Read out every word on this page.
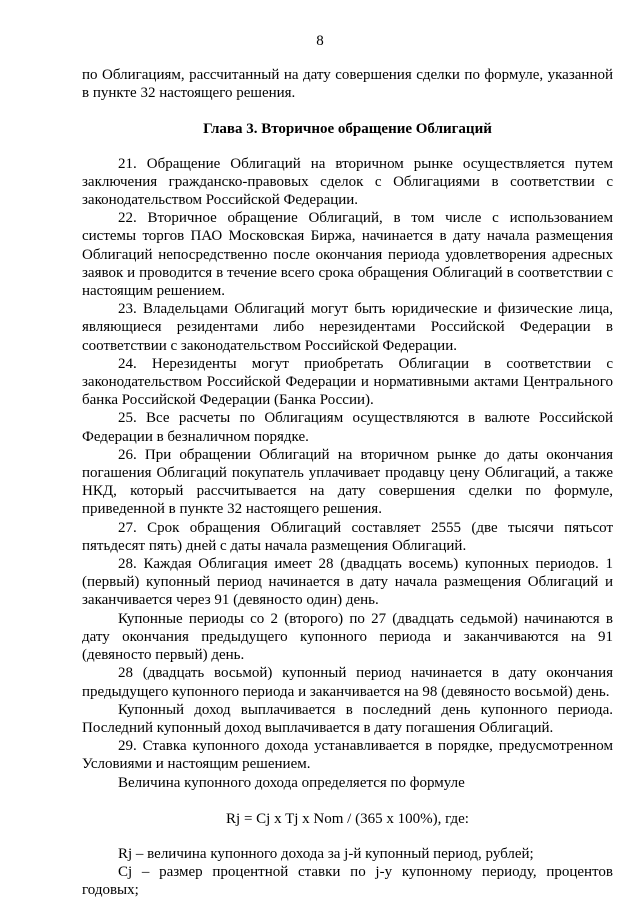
8

по Облигациям, рассчитанный на дату совершения сделки по формуле, указанной в пункте 32 настоящего решения.

Глава 3. Вторичное обращение Облигаций

21. Обращение Облигаций на вторичном рынке осуществляется путем заключения гражданско-правовых сделок с Облигациями в соответствии с законодательством Российской Федерации.

22. Вторичное обращение Облигаций, в том числе с использованием системы торгов ПАО Московская Биржа, начинается в дату начала размещения Облигаций непосредственно после окончания периода удовлетворения адресных заявок и проводится в течение всего срока обращения Облигаций в соответствии с настоящим решением.

23. Владельцами Облигаций могут быть юридические и физические лица, являющиеся резидентами либо нерезидентами Российской Федерации в соответствии с законодательством Российской Федерации.

24. Нерезиденты могут приобретать Облигации в соответствии с законодательством Российской Федерации и нормативными актами Центрального банка Российской Федерации (Банка России).

25. Все расчеты по Облигациям осуществляются в валюте Российской Федерации в безналичном порядке.

26. При обращении Облигаций на вторичном рынке до даты окончания погашения Облигаций покупатель уплачивает продавцу цену Облигаций, а также НКД, который рассчитывается на дату совершения сделки по формуле, приведенной в пункте 32 настоящего решения.

27. Срок обращения Облигаций составляет 2555 (две тысячи пятьсот пятьдесят пять) дней с даты начала размещения Облигаций.

28. Каждая Облигация имеет 28 (двадцать восемь) купонных периодов. 1 (первый) купонный период начинается в дату начала размещения Облигаций и заканчивается через 91 (девяносто один) день.

Купонные периоды со 2 (второго) по 27 (двадцать седьмой) начинаются в дату окончания предыдущего купонного периода и заканчиваются на 91 (девяносто первый) день.

28 (двадцать восьмой) купонный период начинается в дату окончания предыдущего купонного периода и заканчивается на 98 (девяносто восьмой) день.

Купонный доход выплачивается в последний день купонного периода. Последний купонный доход выплачивается в дату погашения Облигаций.

29. Ставка купонного дохода устанавливается в порядке, предусмотренном Условиями и настоящим решением.

Величина купонного дохода определяется по формуле

Rj = Cj x Tj x Nom / (365 x 100%), где:

Rj – величина купонного дохода за j-й купонный период, рублей;

Cj – размер процентной ставки по j-у купонному периоду, процентов годовых;
